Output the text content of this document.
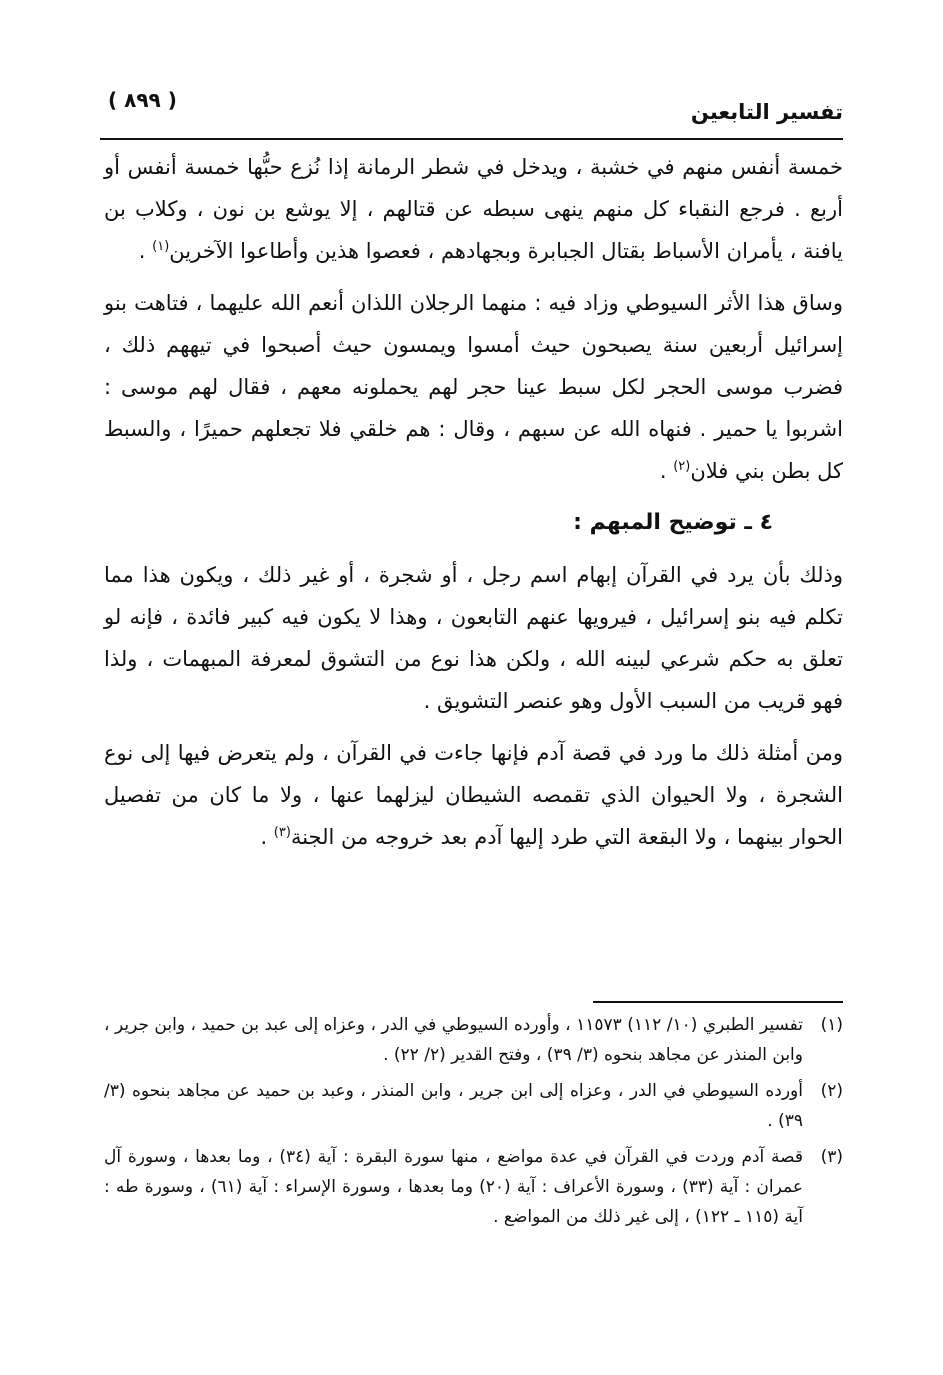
تفسير التابعين
( ٨٩٩ )

خمسة أنفس منهم في خشبة ، ويدخل في شطر الرمانة إذا نُزع حبُّها خمسة أنفس أو أربع . فرجع النقباء كل منهم ينهى سبطه عن قتالهم ، إلا يوشع بن نون ، وكلاب بن يافنة ، يأمران الأسباط بقتال الجبابرة وبجهادهم ، فعصوا هذين وأطاعوا الآخرين$^{(١)}$ .

وساق هذا الأثر السيوطي وزاد فيه : منهما الرجلان اللذان أنعم الله عليهما ، فتاهت بنو إسرائيل أربعين سنة يصبحون حيث أمسوا ويمسون حيث أصبحوا في تيههم ذلك ، فضرب موسى الحجر لكل سبط عينا حجر لهم يحملونه معهم ، فقال لهم موسى : اشربوا يا حمير . فنهاه الله عن سبهم ، وقال : هم خلقي فلا تجعلهم حميرًا ، والسبط كل بطن بني فلان$^{(٢)}$ .

٤ ـ توضيح المبهم :

وذلك بأن يرد في القرآن إبهام اسم رجل ، أو شجرة ، أو غير ذلك ، ويكون هذا مما تكلم فيه بنو إسرائيل ، فيرويها عنهم التابعون ، وهذا لا يكون فيه كبير فائدة ، فإنه لو تعلق به حكم شرعي لبينه الله ، ولكن هذا نوع من التشوق لمعرفة المبهمات ، ولذا فهو قريب من السبب الأول وهو عنصر التشويق .

ومن أمثلة ذلك ما ورد في قصة آدم فإنها جاءت في القرآن ، ولم يتعرض فيها إلى نوع الشجرة ، ولا الحيوان الذي تقمصه الشيطان ليزلهما عنها ، ولا ما كان من تفصيل الحوار بينهما ، ولا البقعة التي طرد إليها آدم بعد خروجه من الجنة$^{(٣)}$ .

(١)
تفسير الطبري (١٠/ ١١٢) ١١٥٧٣ ، وأورده السيوطي في الدر ، وعزاه إلى عبد بن حميد ، وابن جرير ، وابن المنذر عن مجاهد بنحوه (٣/ ٣٩) ، وفتح القدير (٢/ ٢٢) .
(٢)
أورده السيوطي في الدر ، وعزاه إلى ابن جرير ، وابن المنذر ، وعبد بن حميد عن مجاهد بنحوه (٣/ ٣٩) .
(٣)
قصة آدم وردت في القرآن في عدة مواضع ، منها سورة البقرة : آية (٣٤) ، وما بعدها ، وسورة آل عمران : آية (٣٣) ، وسورة الأعراف : آية (٢٠) وما بعدها ، وسورة الإسراء : آية (٦١) ، وسورة طه : آية (١١٥ ـ ١٢٢) ، إلى غير ذلك من المواضع .
